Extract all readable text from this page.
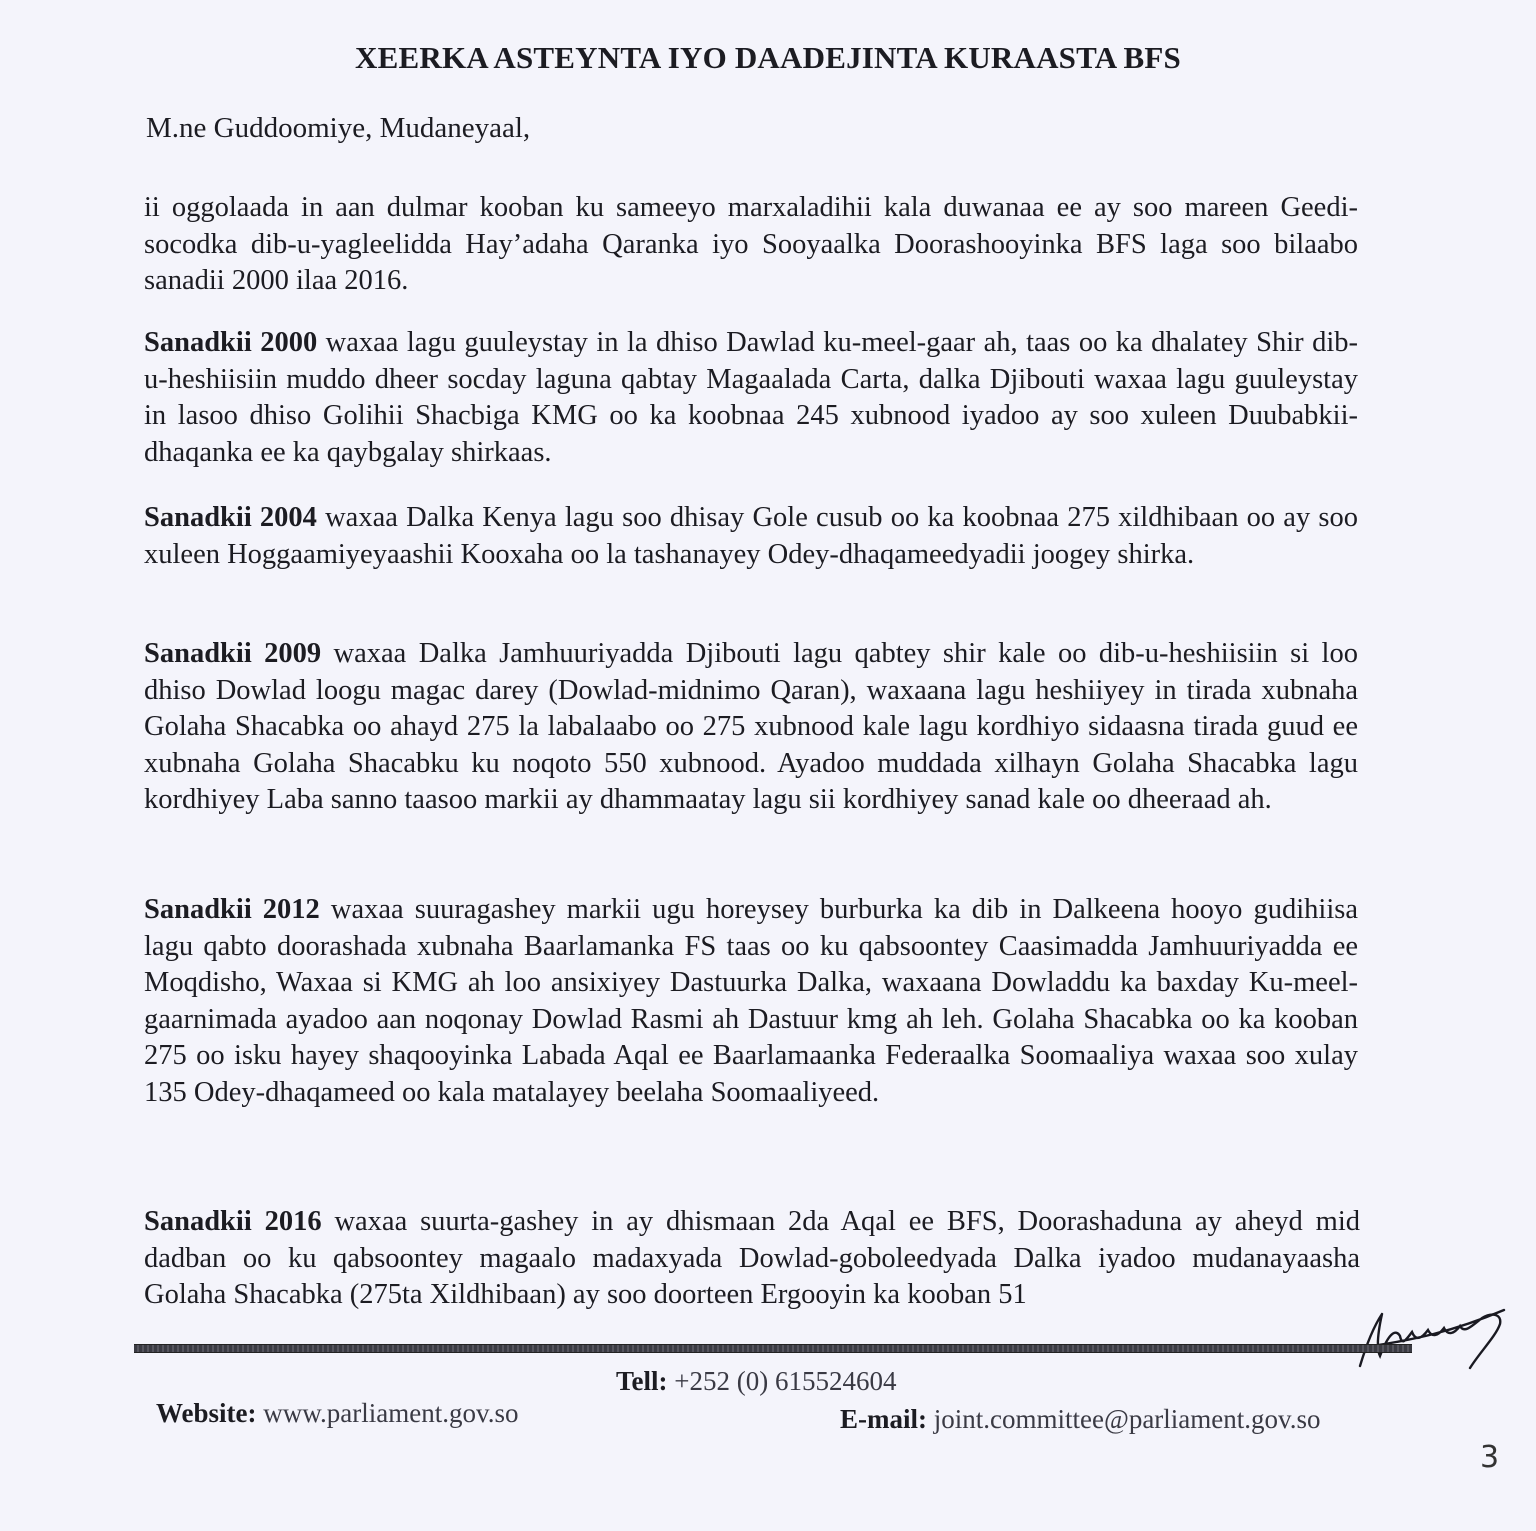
XEERKA ASTEYNTA IYO DAADEJINTA KURAASTA BFS
M.ne Guddoomiye, Mudaneyaal,

ii oggolaada in aan dulmar kooban ku sameeyo marxaladihii kala duwanaa ee ay soo mareen Geedi-socodka dib-u-yagleelidda Hay’adaha Qaranka iyo Sooyaalka Doorashooyinka BFS laga soo bilaabo sanadii 2000 ilaa 2016.

Sanadkii 2000 waxaa lagu guuleystay in la dhiso Dawlad ku-meel-gaar ah, taas oo ka dhalatey Shir dib-u-heshiisiin muddo dheer socday laguna qabtay Magaalada Carta, dalka Djibouti waxaa lagu guuleystay in lasoo dhiso Golihii Shacbiga KMG oo ka koobnaa 245 xubnood iyadoo ay soo xuleen Duubabkii-dhaqanka ee ka qaybgalay shirkaas.

Sanadkii 2004 waxaa Dalka Kenya lagu soo dhisay Gole cusub oo ka koobnaa 275 xildhibaan oo ay soo xuleen Hoggaamiyeyaashii Kooxaha oo la tashanayey Odey-dhaqameedyadii joogey shirka.

Sanadkii 2009 waxaa Dalka Jamhuuriyadda Djibouti lagu qabtey shir kale oo dib-u-heshiisiin si loo dhiso Dowlad loogu magac darey (Dowlad-midnimo Qaran), waxaana lagu heshiiyey in tirada xubnaha Golaha Shacabka oo ahayd 275 la labalaabo oo 275 xubnood kale lagu kordhiyo sidaasna tirada guud ee xubnaha Golaha Shacabku ku noqoto 550 xubnood. Ayadoo muddada xilhayn Golaha Shacabka lagu kordhiyey Laba sanno taasoo markii ay dhammaatay lagu sii kordhiyey sanad kale oo dheeraad ah.

Sanadkii 2012 waxaa suuragashey markii ugu horeysey burburka ka dib in Dalkeena hooyo gudihiisa lagu qabto doorashada xubnaha Baarlamanka FS taas oo ku qabsoontey Caasimadda Jamhuuriyadda ee Moqdisho, Waxaa si KMG ah loo ansixiyey Dastuurka Dalka, waxaana Dowladdu ka baxday Ku-meel-gaarnimada ayadoo aan noqonay Dowlad Rasmi ah Dastuur kmg ah leh. Golaha Shacabka oo ka kooban 275 oo isku hayey shaqooyinka Labada Aqal ee Baarlamaanka Federaalka Soomaaliya waxaa soo xulay 135 Odey-dhaqameed oo kala matalayey beelaha Soomaaliyeed.

Sanadkii 2016 waxaa suurta-gashey in ay dhismaan 2da Aqal ee BFS, Doorashaduna ay aheyd mid dadban oo ku qabsoontey magaalo madaxyada Dowlad-goboleedyada Dalka iyadoo mudanayaasha Golaha Shacabka (275ta Xildhibaan) ay soo doorteen Ergooyin ka kooban 51

Tell: +252 (0) 615524604
Website: www.parliament.gov.so	E-mail: joint.committee@parliament.gov.so
3
